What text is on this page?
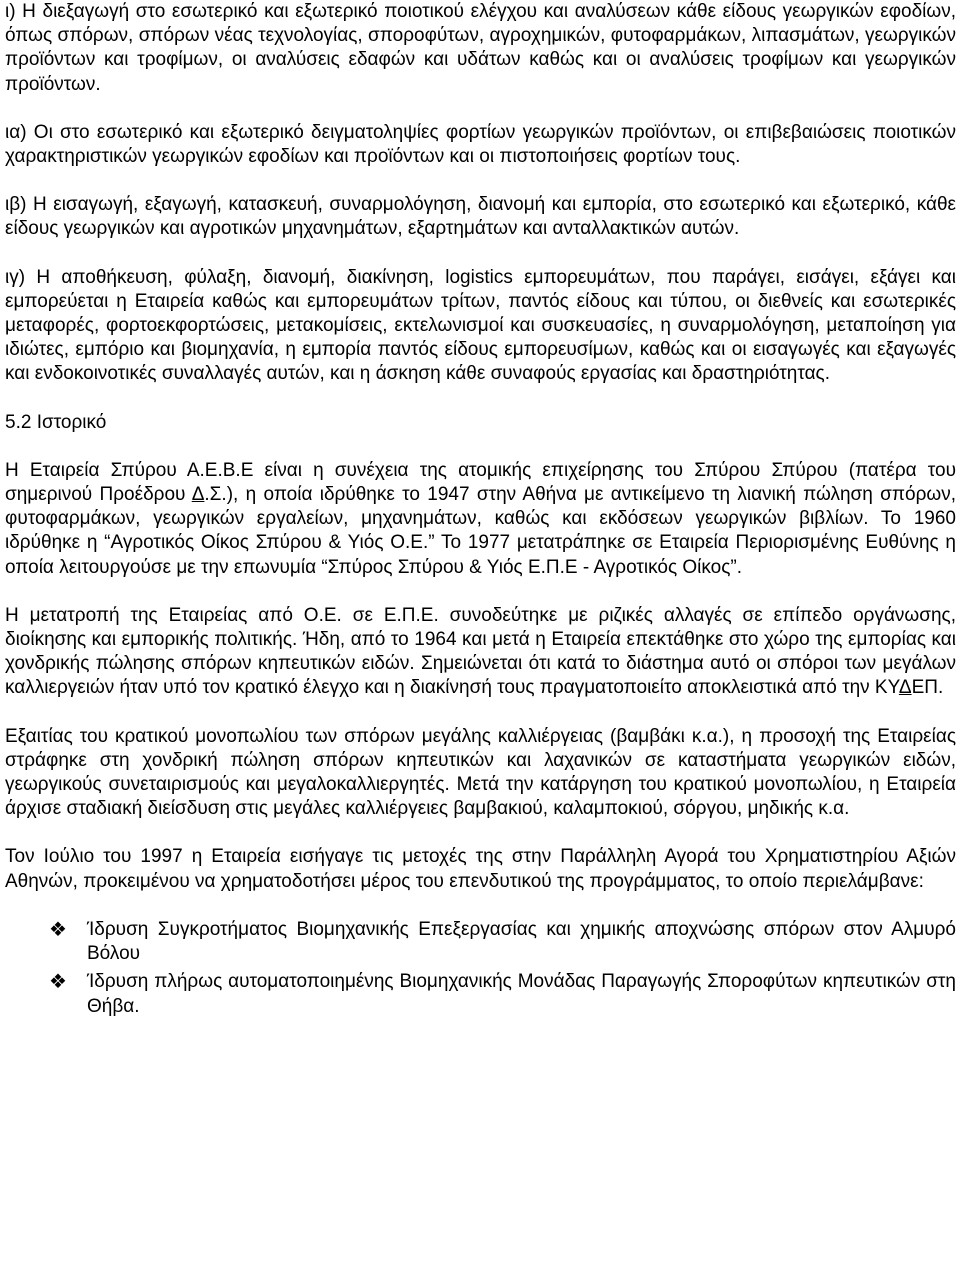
ι) Η διεξαγωγή στο εσωτερικό και εξωτερικό ποιοτικού ελέγχου και αναλύσεων κάθε είδους γεωργικών εφοδίων, όπως σπόρων, σπόρων νέας τεχνολογίας, σποροφύτων, αγροχημικών, φυτοφαρμάκων, λιπασμάτων, γεωργικών προϊόντων και τροφίμων, οι αναλύσεις εδαφών και υδάτων καθώς και οι αναλύσεις τροφίμων και γεωργικών προϊόντων.

ια) Οι στο εσωτερικό και εξωτερικό δειγματοληψίες φορτίων γεωργικών προϊόντων, οι επιβεβαιώσεις ποιοτικών χαρακτηριστικών γεωργικών εφοδίων και προϊόντων και οι πιστοποιήσεις φορτίων τους.

ιβ) Η εισαγωγή, εξαγωγή, κατασκευή, συναρμολόγηση, διανομή και εμπορία, στο εσωτερικό και εξωτερικό, κάθε είδους γεωργικών και αγροτικών μηχανημάτων, εξαρτημάτων και ανταλλακτικών αυτών.

ιγ) Η αποθήκευση, φύλαξη, διανομή, διακίνηση, logistics εμπορευμάτων, που παράγει, εισάγει, εξάγει και εμπορεύεται η Εταιρεία καθώς και εμπορευμάτων τρίτων, παντός είδους και τύπου, οι διεθνείς και εσωτερικές μεταφορές, φορτοεκφορτώσεις, μετακομίσεις, εκτελωνισμοί και συσκευασίες, η συναρμολόγηση, μεταποίηση για ιδιώτες, εμπόριο και βιομηχανία, η εμπορία παντός είδους εμπορευσίμων, καθώς και οι εισαγωγές και εξαγωγές και ενδοκοινοτικές συναλλαγές αυτών, και η άσκηση κάθε συναφούς εργασίας και δραστηριότητας.

5.2 Ιστορικό

Η Εταιρεία Σπύρου Α.Ε.Β.Ε είναι η συνέχεια της ατομικής επιχείρησης του Σπύρου Σπύρου (πατέρα του σημερινού Προέδρου Δ.Σ.), η οποία ιδρύθηκε το 1947 στην Αθήνα με αντικείμενο τη λιανική πώληση σπόρων, φυτοφαρμάκων, γεωργικών εργαλείων, μηχανημάτων, καθώς και εκδόσεων γεωργικών βιβλίων. Το 1960 ιδρύθηκε η “Αγροτικός Οίκος Σπύρου & Υιός Ο.Ε.” Το 1977 μετατράπηκε σε Εταιρεία Περιορισμένης Ευθύνης η οποία λειτουργούσε με την επωνυμία “Σπύρος Σπύρου & Υιός Ε.Π.Ε - Αγροτικός Οίκος”.

Η μετατροπή της Εταιρείας από Ο.Ε. σε Ε.Π.Ε. συνοδεύτηκε με ριζικές αλλαγές σε επίπεδο οργάνωσης, διοίκησης και εμπορικής πολιτικής. Ήδη, από το 1964 και μετά η Εταιρεία επεκτάθηκε στο χώρο της εμπορίας και χονδρικής πώλησης σπόρων κηπευτικών ειδών. Σημειώνεται ότι κατά το διάστημα αυτό οι σπόροι των μεγάλων καλλιεργειών ήταν υπό τον κρατικό έλεγχο και η διακίνησή τους πραγματοποιείτο αποκλειστικά από την ΚΥΔΕΠ.

Εξαιτίας του κρατικού μονοπωλίου των σπόρων μεγάλης καλλιέργειας (βαμβάκι κ.α.), η προσοχή της Εταιρείας στράφηκε στη χονδρική πώληση σπόρων κηπευτικών και λαχανικών σε καταστήματα γεωργικών ειδών, γεωργικούς συνεταιρισμούς και μεγαλοκαλλιεργητές. Μετά την κατάργηση του κρατικού μονοπωλίου, η Εταιρεία άρχισε σταδιακή διείσδυση στις μεγάλες καλλιέργειες βαμβακιού, καλαμποκιού, σόργου, μηδικής κ.α.

Τον Ιούλιο του 1997 η Εταιρεία εισήγαγε τις μετοχές της στην Παράλληλη Αγορά του Χρηματιστηρίου Αξιών Αθηνών, προκειμένου να χρηματοδοτήσει μέρος του επενδυτικού της προγράμματος, το οποίο περιελάμβανε:

❖ Ίδρυση Συγκροτήματος Βιομηχανικής Επεξεργασίας και χημικής αποχνώσης σπόρων στον Αλμυρό Βόλου
❖ Ίδρυση πλήρως αυτοματοποιημένης Βιομηχανικής Μονάδας Παραγωγής Σποροφύτων κηπευτικών στη Θήβα.
